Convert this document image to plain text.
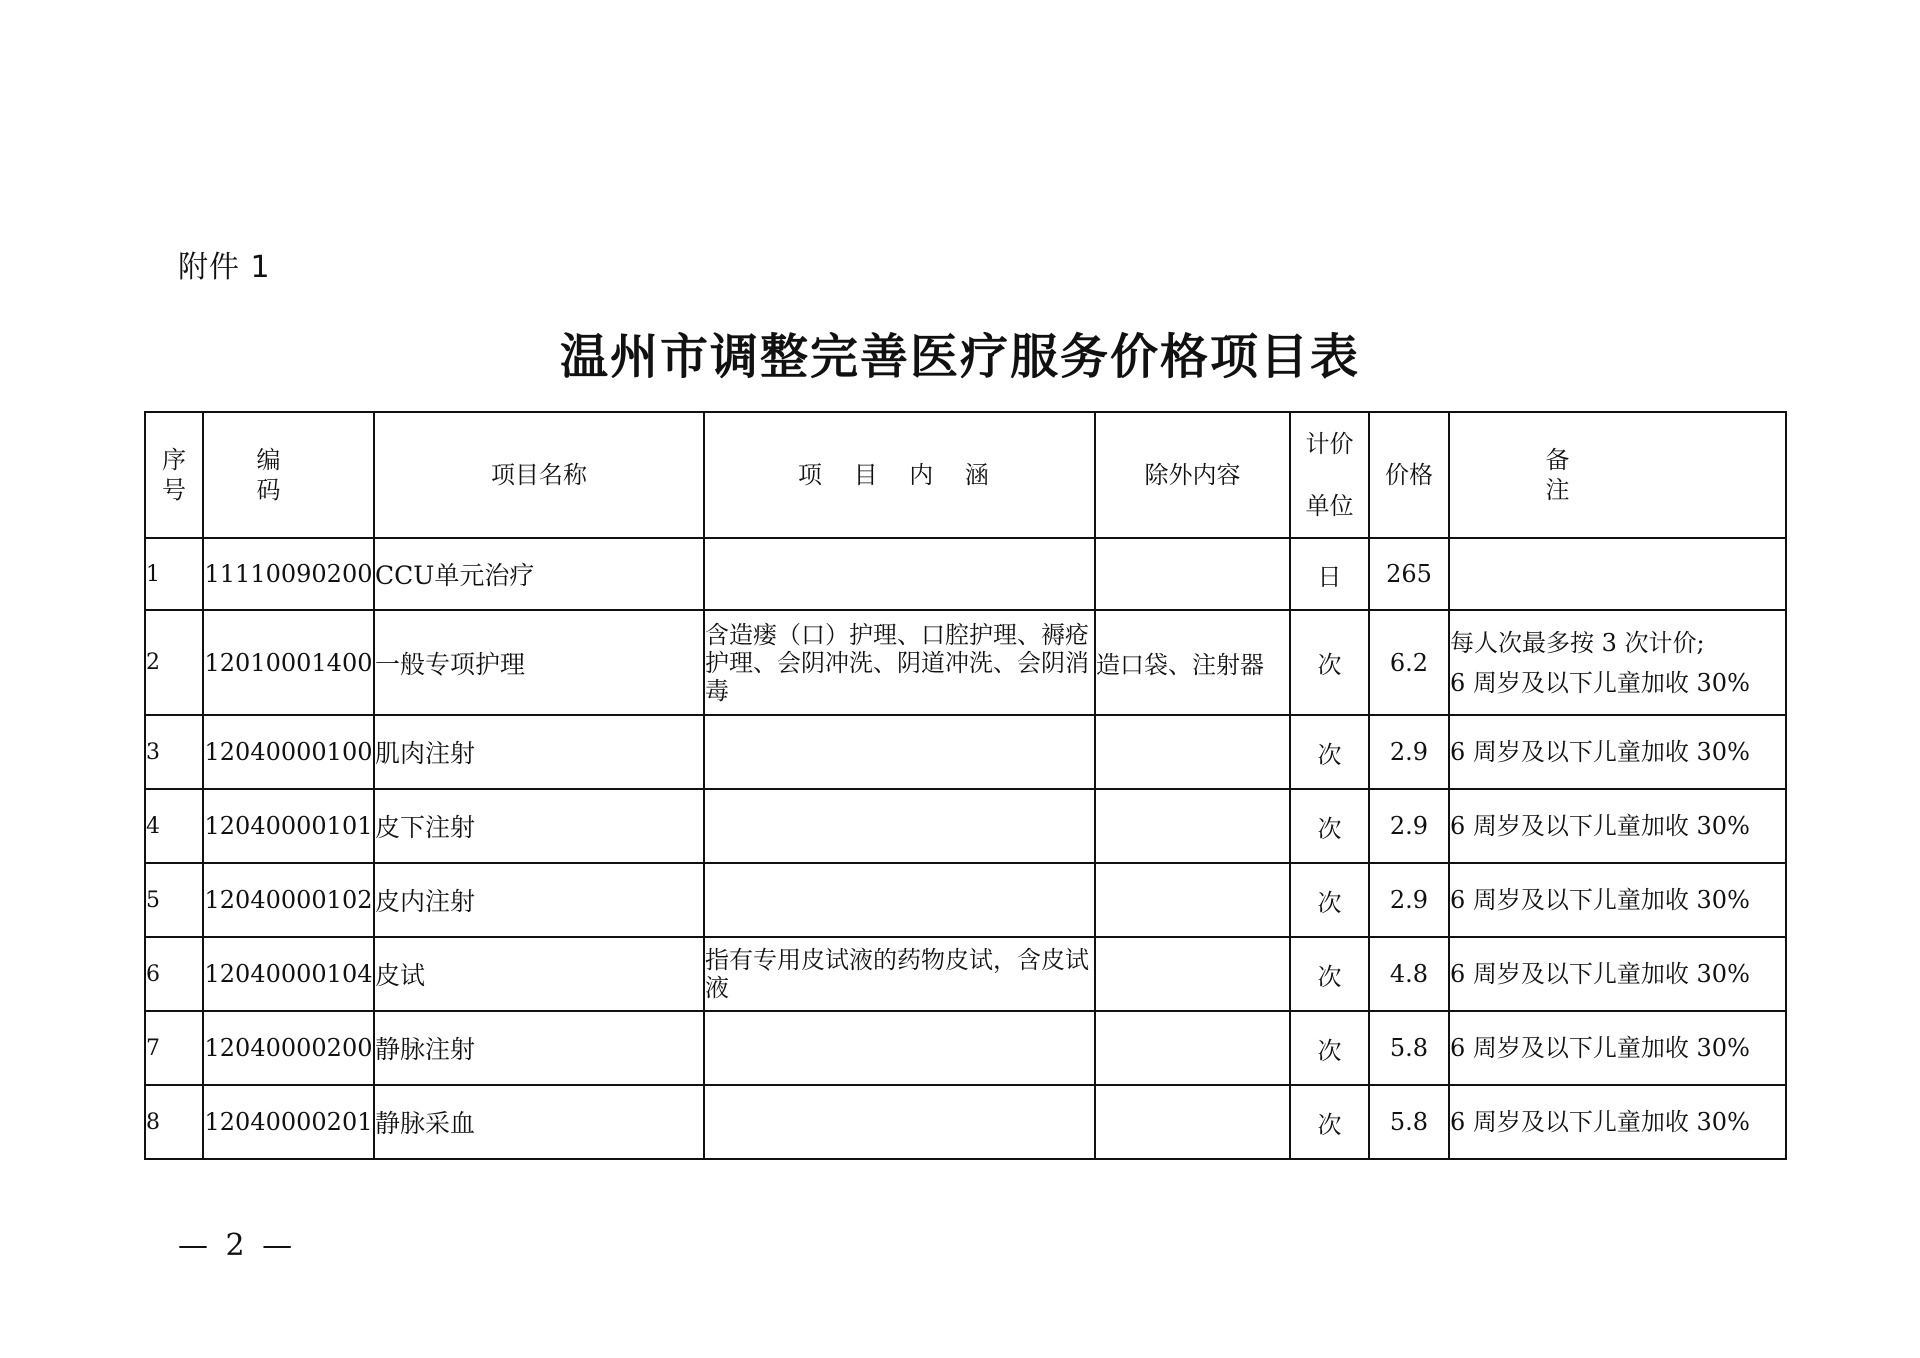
附件 1
温州市调整完善医疗服务价格项目表
序
号	编　码	项目名称	项 目 内 涵	除外内容	计价
单位	价格	备 注
1	11110090200	CCU单元治疗			日	265	

2	12010001400	一般专项护理	含造瘘（口）护理、口腔护理、褥疮护理、会阴冲洗、阴道冲洗、会阴消毒	造口袋、注射器	次	6.2	每人次最多按 3 次计价;
6 周岁及以下儿童加收 30%

3	12040000100	肌肉注射			次	2.9	6 周岁及以下儿童加收 30%

4	12040000101	皮下注射			次	2.9	6 周岁及以下儿童加收 30%

5	12040000102	皮内注射			次	2.9	6 周岁及以下儿童加收 30%

6	12040000104	皮试	指有专用皮试液的药物皮试，含皮试液		次	4.8	6 周岁及以下儿童加收 30%

7	12040000200	静脉注射			次	5.8	6 周岁及以下儿童加收 30%

8	12040000201	静脉采血			次	5.8	6 周岁及以下儿童加收 30%
— 2 —
